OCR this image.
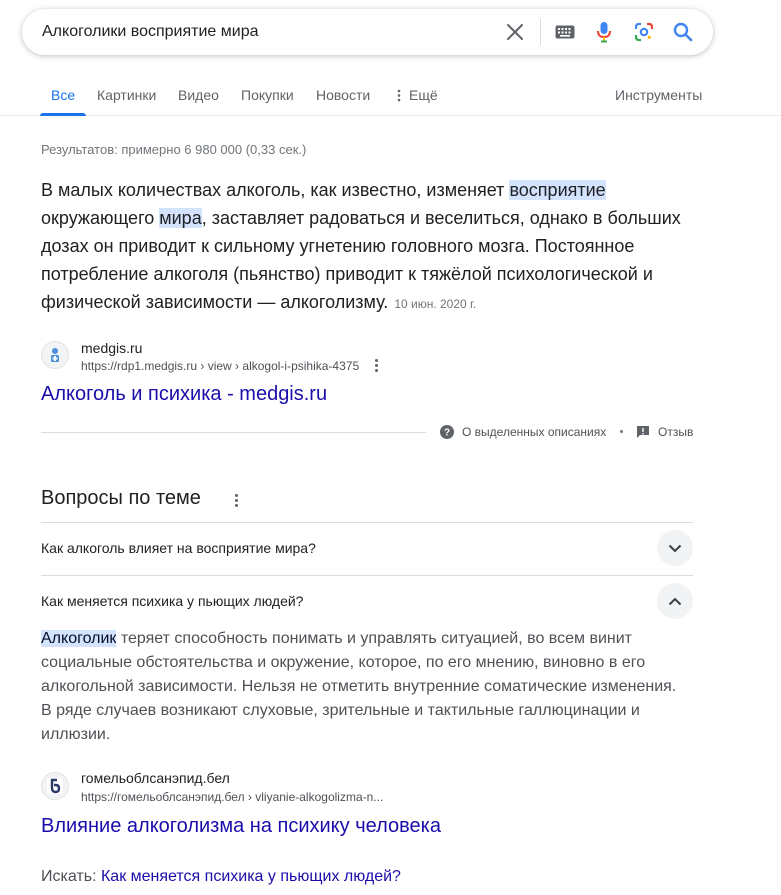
Алкоголики восприятие мира
Все Картинки Видео Покупки Новости	Ещё	Инструменты
Результатов: примерно 6 980 000 (0,33 сек.)
В малых количествах алкоголь, как известно, изменяет восприятие окружающего мира, заставляет радоваться и веселиться, однако в больших дозах он приводит к сильному угнетению головного мозга. Постоянное потребление алкоголя (пьянство) приводит к тяжёлой психологической и физической зависимости — алкоголизму. 10 июн. 2020 г.
medgis.ru
https://rdp1.medgis.ru › view › alkogol-i-psihika-4375
Алкоголь и психика - medgis.ru
? О выделенных описаниях	Отзыв
Вопросы по теме
Как алкоголь влияет на восприятие мира?
Как меняется психика у пьющих людей?
Алкоголик теряет способность понимать и управлять ситуацией, во всем винит социальные обстоятельства и окружение, которое, по его мнению, виновно в его алкогольной зависимости. Нельзя не отметить внутренние соматические изменения. В ряде случаев возникают слуховые, зрительные и тактильные галлюцинации и иллюзии.
гомельоблсанэпид.бел
https://гомельоблсанэпид.бел › vliyanie-alkogolizma-n...
Влияние алкоголизма на психику человека
Искать: Как меняется психика у пьющих людей?
